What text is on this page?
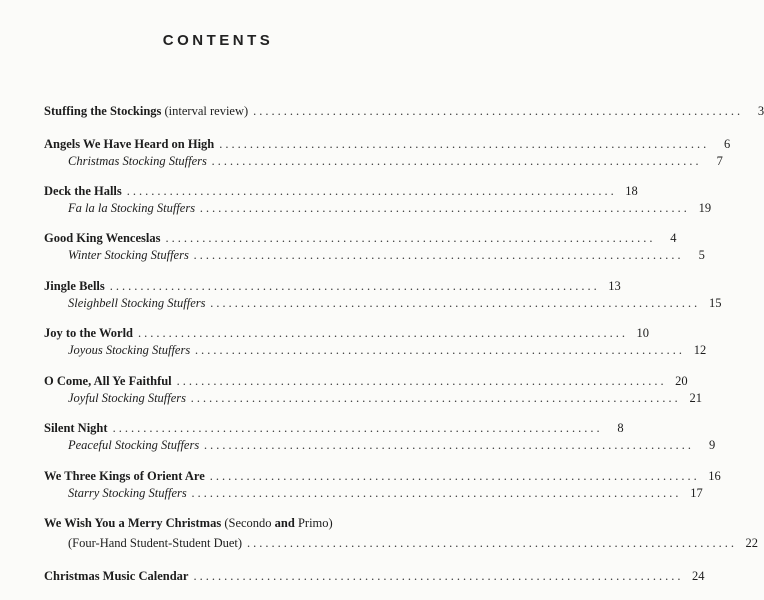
CONTENTS
Stuffing the Stockings (interval review) ................................................................................	3
Angels We Have Heard on High ................................................................................	6
Christmas Stocking Stuffers ................................................................................	7
Deck the Halls ................................................................................ 18
Fa la la Stocking Stuffers ................................................................................ 19
Good King Wenceslas ................................................................................	4
Winter Stocking Stuffers ................................................................................	5
Jingle Bells ................................................................................ 13
Sleighbell Stocking Stuffers ................................................................................ 15
Joy to the World ................................................................................ 10
Joyous Stocking Stuffers ................................................................................ 12
O Come, All Ye Faithful ................................................................................ 20
Joyful Stocking Stuffers ................................................................................ 21
Silent Night ................................................................................	8
Peaceful Stocking Stuffers ................................................................................	9
We Three Kings of Orient Are ................................................................................ 16
Starry Stocking Stuffers ................................................................................ 17
We Wish You a Merry Christmas (Secondo and Primo)
(Four-Hand Student-Student Duet) ................................................................................ 22
Christmas Music Calendar ................................................................................ 24
